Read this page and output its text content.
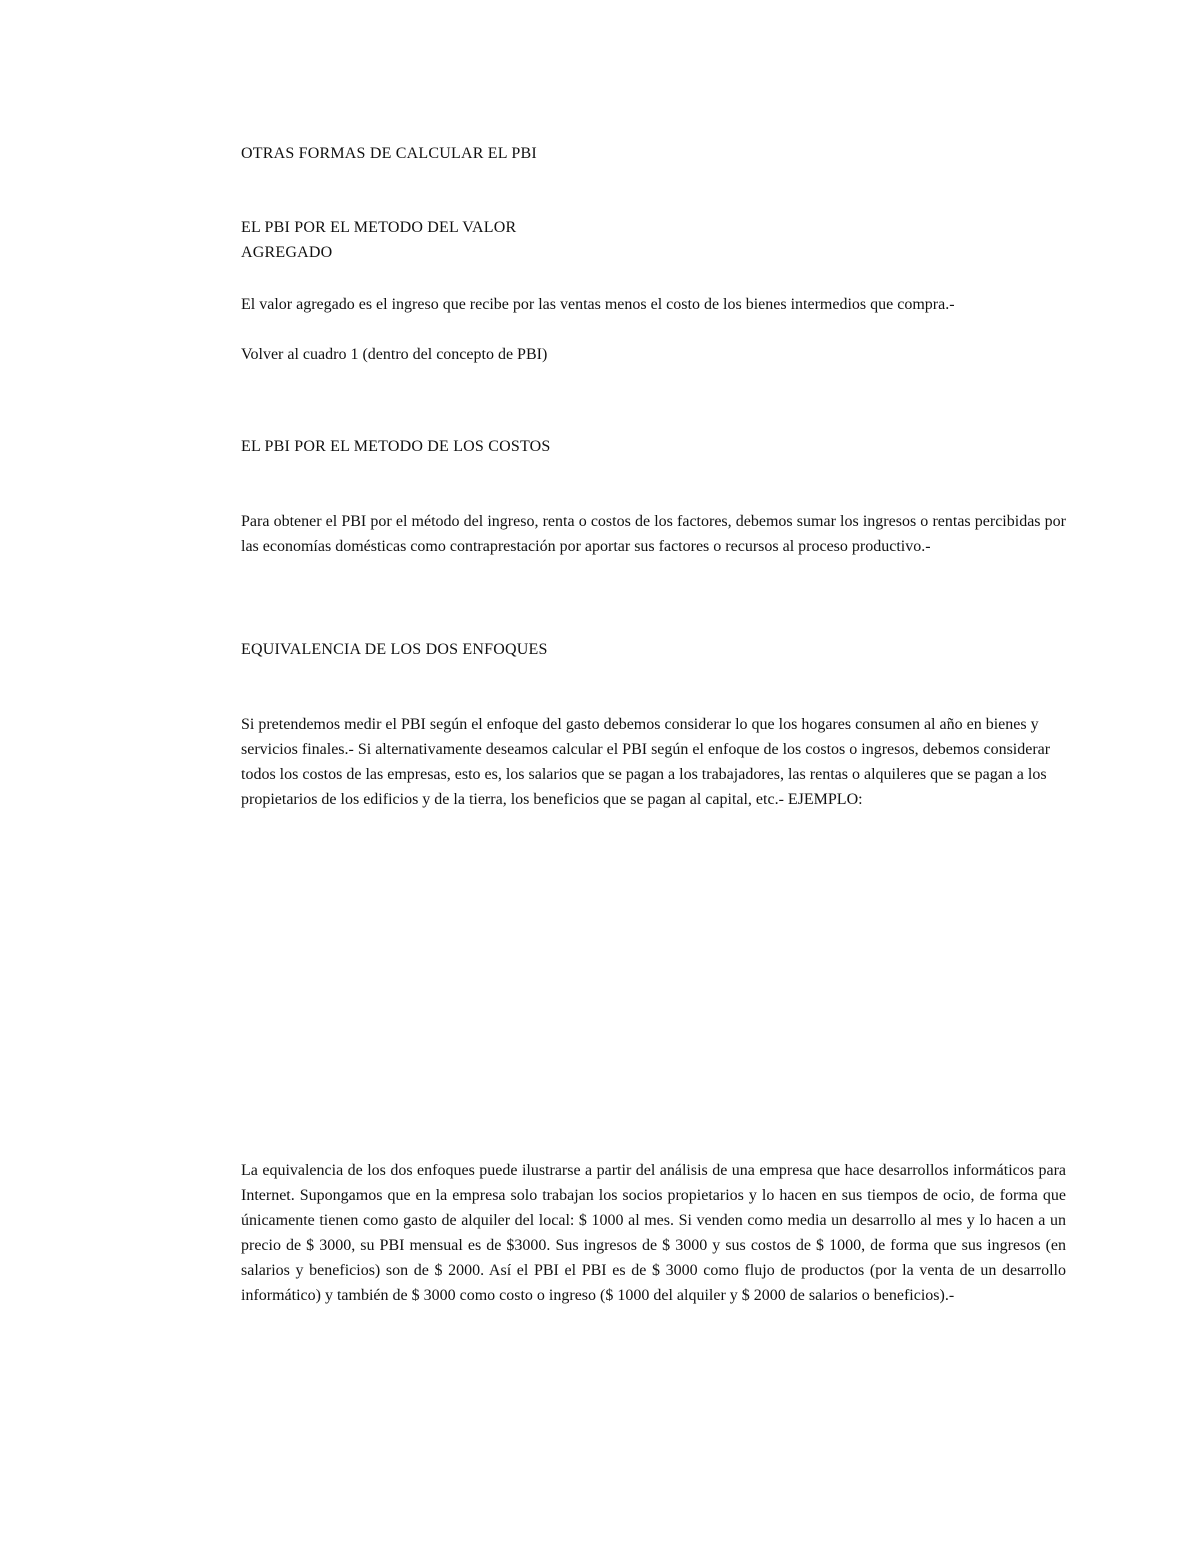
OTRAS FORMAS DE CALCULAR EL PBI

EL PBI POR EL METODO DEL VALOR AGREGADO

El valor agregado es el ingreso que recibe por las ventas menos el costo de los bienes intermedios que compra.-

Volver al cuadro 1 (dentro del concepto de PBI)

EL PBI POR EL METODO DE LOS COSTOS

Para obtener el PBI por el método del ingreso, renta o costos de los factores, debemos sumar los ingresos o rentas percibidas por las economías domésticas como contraprestación por aportar sus factores o recursos al proceso productivo.-

EQUIVALENCIA DE LOS DOS ENFOQUES

Si pretendemos medir el PBI según el enfoque del gasto debemos considerar lo que los hogares consumen al año en bienes y servicios finales.- Si alternativamente deseamos calcular el PBI según el enfoque de los costos o ingresos, debemos considerar todos los costos de las empresas, esto es, los salarios que se pagan a los trabajadores, las rentas o alquileres que se pagan a los propietarios de los edificios y de la tierra, los beneficios que se pagan al capital, etc.- EJEMPLO:

La equivalencia de los dos enfoques puede ilustrarse a partir del análisis de una empresa que hace desarrollos informáticos para Internet. Supongamos que en la empresa solo trabajan los socios propietarios y lo hacen en sus tiempos de ocio, de forma que únicamente tienen como gasto de alquiler del local: $ 1000 al mes. Si venden como media un desarrollo al mes y lo hacen a un precio de $ 3000, su PBI mensual es de $3000. Sus ingresos de $ 3000 y sus costos de $ 1000, de forma que sus ingresos (en salarios y beneficios) son de $ 2000. Así el PBI el PBI es de $ 3000 como flujo de productos (por la venta de un desarrollo informático) y también de $ 3000 como costo o ingreso ($ 1000 del alquiler y $ 2000 de salarios o beneficios).-
